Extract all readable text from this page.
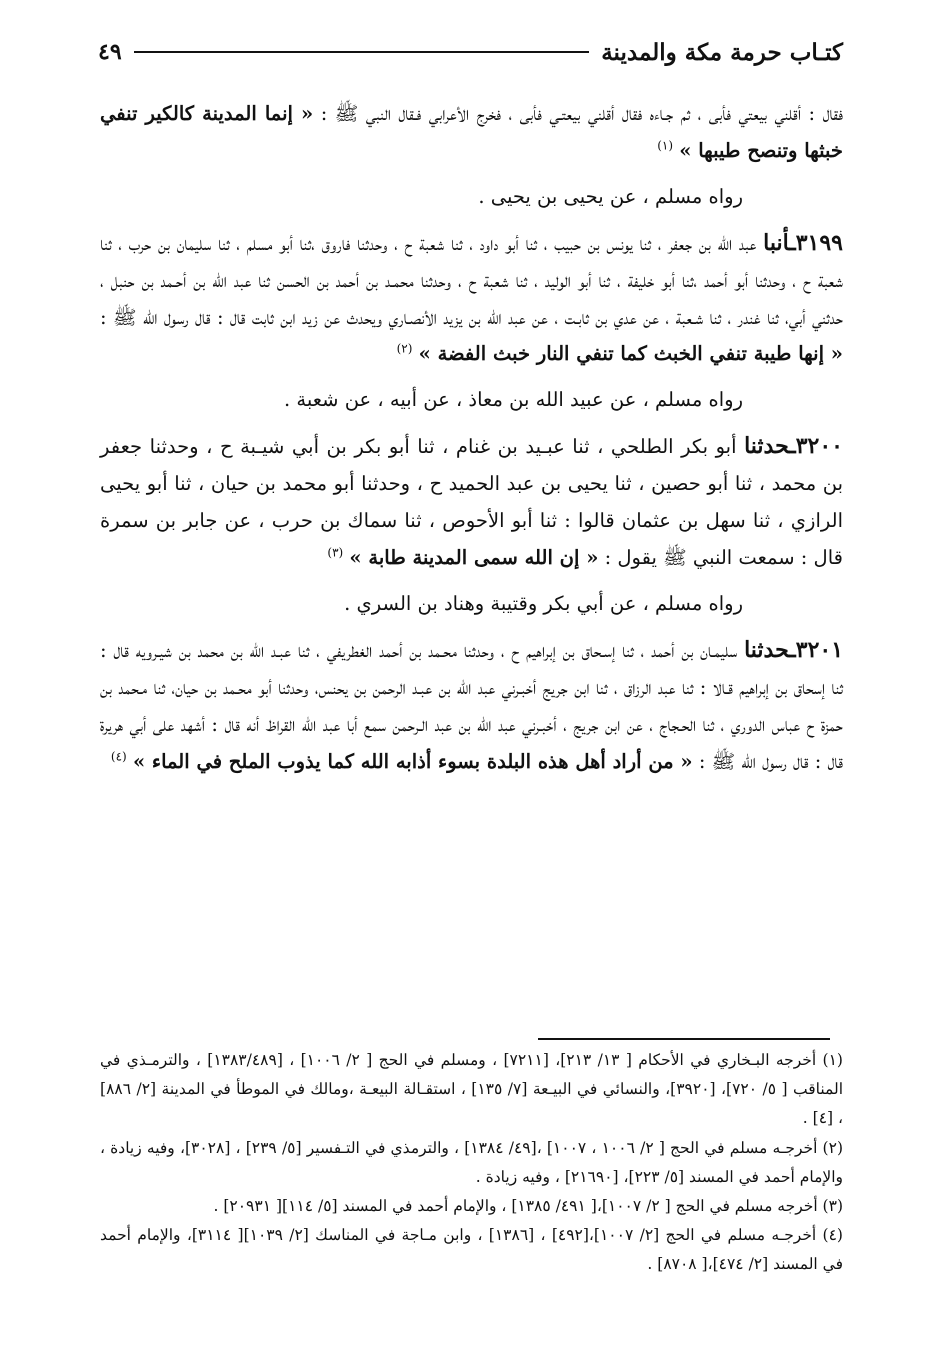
كتـاب حرمة مكة والمدينة
٤٩

فقال : أقلني بيعتي فأبى ، ثم جـاءه فقال أقلني بيعتـي فأبى ، فخرج الأعرابي فـقال النبي ﷺ : « إنما المدينة كالكير تنفي خبثها وتنصح طيبها » $^{(١)}$

رواه مسلم ، عن يحيى بن يحيى .

٣١٩٩ـأنبا عبد الله بن جعفر ، ثنا يونس بن حبيب ، ثنا أبو داود ، ثنا شعبة ح ، وحدثنا فاروق ،ثنا أبو مسلم ، ثنا سليمان بن حرب ، ثنا شعبة ح ، وحدثنا أبو أحمد ،ثنا أبو خليفة ، ثنا أبو الوليد ، ثنا شعبة ح ، وحدثنا محمـد بن أحمد بن الحسن ثنا عبد الله بن أحـمد بن حنبل ، حدثني أبي، ثنا غندر ، ثنا شـعبة ، عن عدي بن ثابـت ، عن عبد الله بن يزيد الأنصـاري ويحدث عن زيد ابن ثابت قال : قال رسول الله ﷺ : « إنها طيبة تنفي الخبث كما تنفي النار خبث الفضة » $^{(٢)}$

رواه مسلم ، عن عبيد الله بن معاذ ، عن أبيه ، عن شعبة .

٣٢٠٠ـحدثنا أبو بكر الطلحي ، ثنا عبـيد بن غنام ، ثنا أبو بكر بن أبي شيـبة ح ، وحدثنا جعفر بن محمد ، ثنا أبو حصين ، ثنا يحيى بن عبد الحميد ح ، وحدثنا أبو محمد بن حيان ، ثنا أبو يحيى الرازي ، ثنا سهل بن عثمان قالوا : ثنا أبو الأحوص ، ثنا سماك بن حرب ، عن جابر بن سمرة قال : سمعت النبي ﷺ يقول : « إن الله سمى المدينة طابة » $^{(٣)}$

رواه مسلم ، عن أبي بكر وقتيبة وهناد بن السري .

٣٢٠١ـحدثنا سليمـان بن أحمد ، ثنا إسـحاق بن إبراهيم ح ، وحدثنا محـمد بن أحمد الغطريفي ، ثنا عبـد الله بن محمد بن شيـرويه قال : ثنا إسحاق بن إبراهيم قـالا : ثنا عبد الرزاق ، ثنا ابن جريج أخبـرني عبد الله بن عبـد الرحمن بن يحنس، وحدثنا أبو محـمد بن حيان، ثنا مـحمد بن حمزة ح عباس الدوري ، ثنا الحـجاج ، عن ابن جريج ، أخبـرني عبد الله بن عبد الـرحمن سمع أبا عبد الله القراظ أنه قال : أشهد على أبي هريرة قال : قال رسول الله ﷺ : « من أراد أهل هذه البلدة بسوء أذابه الله كما يذوب الملح في الماء » $^{(٤)}$

(١) أخرجه البـخاري في الأحكام [ ١٣/ ٢١٣]، [٧٢١١] ، ومسلم في الحج [ ٢/ ١٠٠٦] ، [١٣٨٣/٤٨٩] ، والترمـذي في المناقب [ ٥/ ٧٢٠]، [٣٩٢٠]، والنسائي في البيـعة [٧/ ١٣٥] ، استقـالة البيعـة ،ومالك في الموطأ في المدينة [٢/ ٨٨٦] ، [٤] .

(٢) أخرجـه مسلم في الحج [ ٢/ ١٠٠٦ ، ١٠٠٧] ،[٤٩/ ١٣٨٤] ، والترمذي في التـفسير [٥/ ٢٣٩] ، [٣٠٢٨]، وفيه زيادة ، والإمام أحمد في المسند [٥/ ٢٢٣]، [٢١٦٩٠] ، وفيه زيادة .

(٣) أخرجه مسلم في الحج [ ٢/ ١٠٠٧]،[ ٤٩١/ ١٣٨٥] ، والإمام أحمد في المسند [٥/ ١١٤][ ٢٠٩٣١] .

(٤) أخرجـه مسلم في الحج [٢/ ١٠٠٧]،[٤٩٢] ، [١٣٨٦] ، وابن مـاجة في المناسك [٢/ ١٠٣٩][ ٣١١٤]، والإمام أحمد في المسند [٢/ ٤٧٤]،[ ٨٧٠٨] .
